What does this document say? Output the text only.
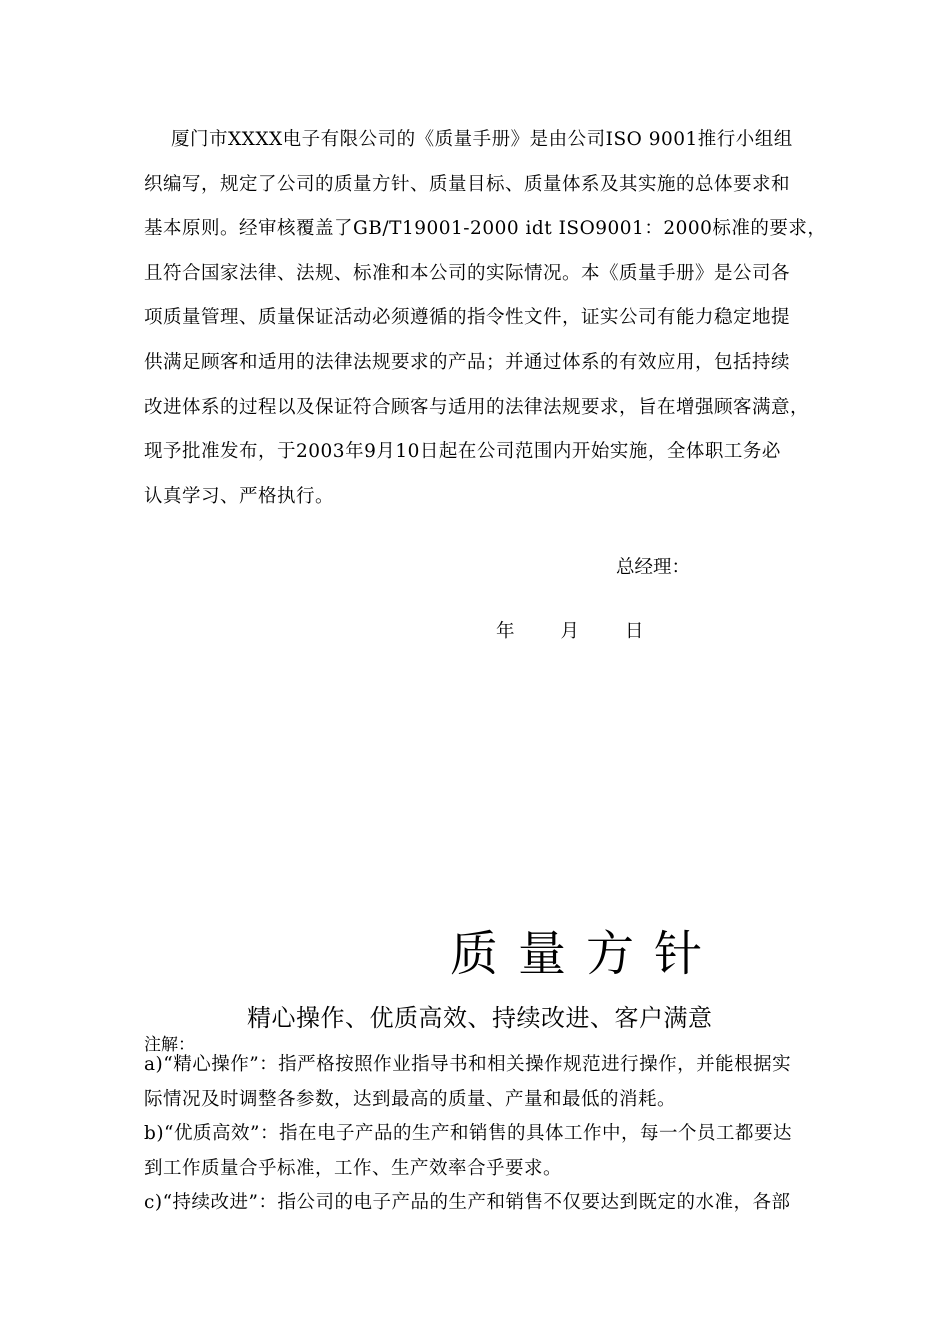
厦门市XXXX电子有限公司的《质量手册》是由公司ISO 9001推行小组组
织编写，规定了公司的质量方针、质量目标、质量体系及其实施的总体要求和
基本原则。经审核覆盖了GB/T19001-2000 idt ISO9001：2000标准的要求，
且符合国家法律、法规、标准和本公司的实际情况。本《质量手册》是公司各
项质量管理、质量保证活动必须遵循的指令性文件，证实公司有能力稳定地提
供满足顾客和适用的法律法规要求的产品；并通过体系的有效应用，包括持续
改进体系的过程以及保证符合顾客与适用的法律法规要求，旨在增强顾客满意，
现予批准发布，于2003年9月10日起在公司范围内开始实施，全体职工务必
认真学习、严格执行。
总经理：
年 月 日
质量方针
精心操作、优质高效、持续改进、客户满意
注解：
a)“精心操作”：指严格按照作业指导书和相关操作规范进行操作，并能根据实
际情况及时调整各参数，达到最高的质量、产量和最低的消耗。
b)“优质高效”：指在电子产品的生产和销售的具体工作中，每一个员工都要达
到工作质量合乎标准，工作、生产效率合乎要求。
c)“持续改进”：指公司的电子产品的生产和销售不仅要达到既定的水准，各部
